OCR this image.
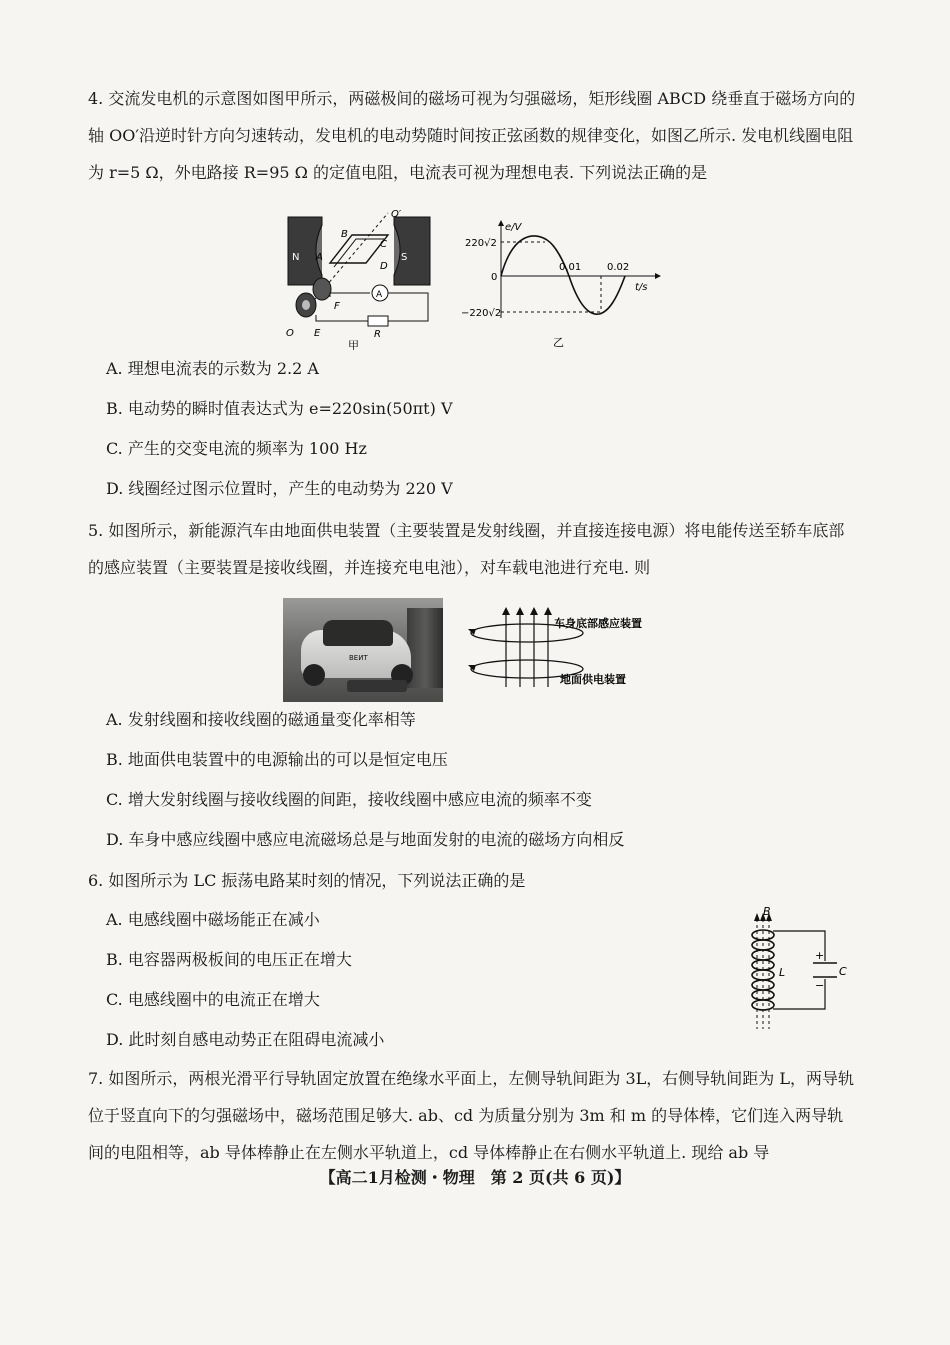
4. 交流发电机的示意图如图甲所示，两磁极间的磁场可视为匀强磁场，矩形线圈 ABCD 绕垂直于磁场方向的轴 OO′沿逆时针方向匀速转动，发电机的电动势随时间按正弦函数的规律变化，如图乙所示. 发电机线圈电阻为 r=5 Ω，外电路接 R=95 Ω 的定值电阻，电流表可视为理想电表. 下列说法正确的是
N	S
A
B
C
D
O′
O E
F
A
R
甲
e/V
t/s
220√2
−220√2
0
0.01	0.02
乙
A. 理想电流表的示数为 2.2 A
B. 电动势的瞬时值表达式为 e=220sin(50πt) V
C. 产生的交变电流的频率为 100 Hz
D. 线圈经过图示位置时，产生的电动势为 220 V
5. 如图所示，新能源汽车由地面供电装置（主要装置是发射线圈，并直接连接电源）将电能传送至轿车底部的感应装置（主要装置是接收线圈，并连接充电电池），对车载电池进行充电. 则
ВЕИТ
车身底部感应装置
地面供电装置
A. 发射线圈和接收线圈的磁通量变化率相等
B. 地面供电装置中的电源输出的可以是恒定电压
C. 增大发射线圈与接收线圈的间距，接收线圈中感应电流的频率不变
D. 车身中感应线圈中感应电流磁场总是与地面发射的电流的磁场方向相反
6. 如图所示为 LC 振荡电路某时刻的情况，下列说法正确的是
B
L	C
+
−
A. 电感线圈中磁场能正在减小
B. 电容器两极板间的电压正在增大
C. 电感线圈中的电流正在增大
D. 此时刻自感电动势正在阻碍电流减小
7. 如图所示，两根光滑平行导轨固定放置在绝缘水平面上，左侧导轨间距为 3L，右侧导轨间距为 L，两导轨位于竖直向下的匀强磁场中，磁场范围足够大. ab、cd 为质量分别为 3m 和 m 的导体棒，它们连入两导轨间的电阻相等，ab 导体棒静止在左侧水平轨道上，cd 导体棒静止在右侧水平轨道上. 现给 ab 导
【高二1月检测・物理　第 2 页(共 6 页)】
